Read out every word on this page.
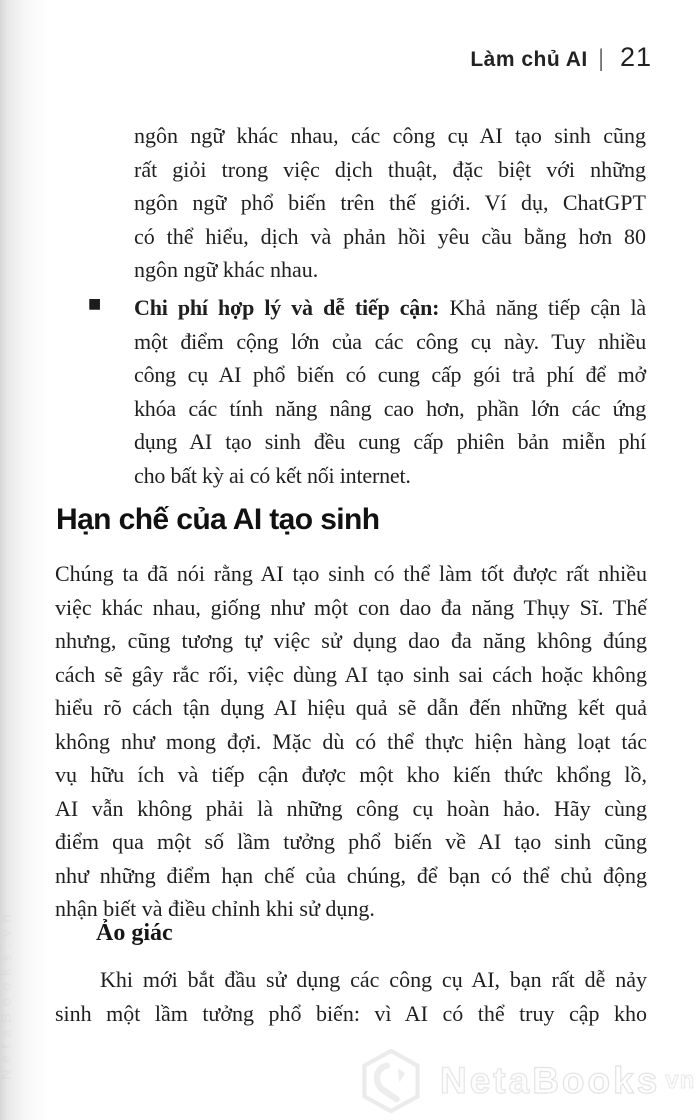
Làm chủ AI | 21
ngôn ngữ khác nhau, các công cụ AI tạo sinh cũng
rất giỏi trong việc dịch thuật, đặc biệt với những
ngôn ngữ phổ biến trên thế giới. Ví dụ, ChatGPT
có thể hiểu, dịch và phản hồi yêu cầu bằng hơn 80
ngôn ngữ khác nhau.
■ Chi phí hợp lý và dễ tiếp cận: Khả năng tiếp cận là
một điểm cộng lớn của các công cụ này. Tuy nhiều
công cụ AI phổ biến có cung cấp gói trả phí để mở
khóa các tính năng nâng cao hơn, phần lớn các ứng
dụng AI tạo sinh đều cung cấp phiên bản miễn phí
cho bất kỳ ai có kết nối internet.
Hạn chế của AI tạo sinh
Chúng ta đã nói rằng AI tạo sinh có thể làm tốt được rất nhiều
việc khác nhau, giống như một con dao đa năng Thụy Sĩ. Thế
nhưng, cũng tương tự việc sử dụng dao đa năng không đúng
cách sẽ gây rắc rối, việc dùng AI tạo sinh sai cách hoặc không
hiểu rõ cách tận dụng AI hiệu quả sẽ dẫn đến những kết quả
không như mong đợi. Mặc dù có thể thực hiện hàng loạt tác
vụ hữu ích và tiếp cận được một kho kiến thức khổng lồ,
AI vẫn không phải là những công cụ hoàn hảo. Hãy cùng
điểm qua một số lầm tưởng phổ biến về AI tạo sinh cũng
như những điểm hạn chế của chúng, để bạn có thể chủ động
nhận biết và điều chỉnh khi sử dụng.
Ảo giác
Khi mới bắt đầu sử dụng các công cụ AI, bạn rất dễ nảy
sinh một lầm tưởng phổ biến: vì AI có thể truy cập kho
NetaBooks vn
